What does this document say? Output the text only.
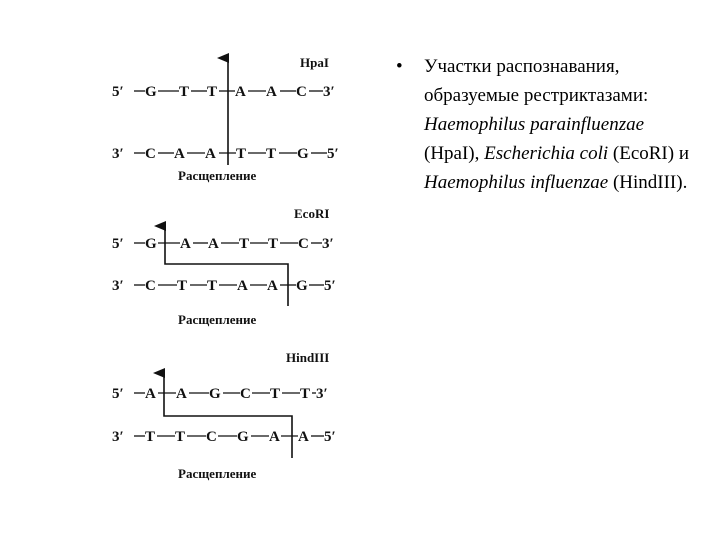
HpaI
5′ G T T A A C 3′
3′ C A A T T G 5′
Расщепление
EcoRI
5′ G A A T T C 3′
3′ C T T A A G 5′
Расщепление
HindIII
5′ A A G C T T 3′
3′ T T C G A A 5′
Расщепление
• Участки распознавания, образуемые рестриктазами: Haemophilus parainfluenzae (HpaI), Escherichia coli (EcoRI) и Haemophilus influenzae (HindIII).
